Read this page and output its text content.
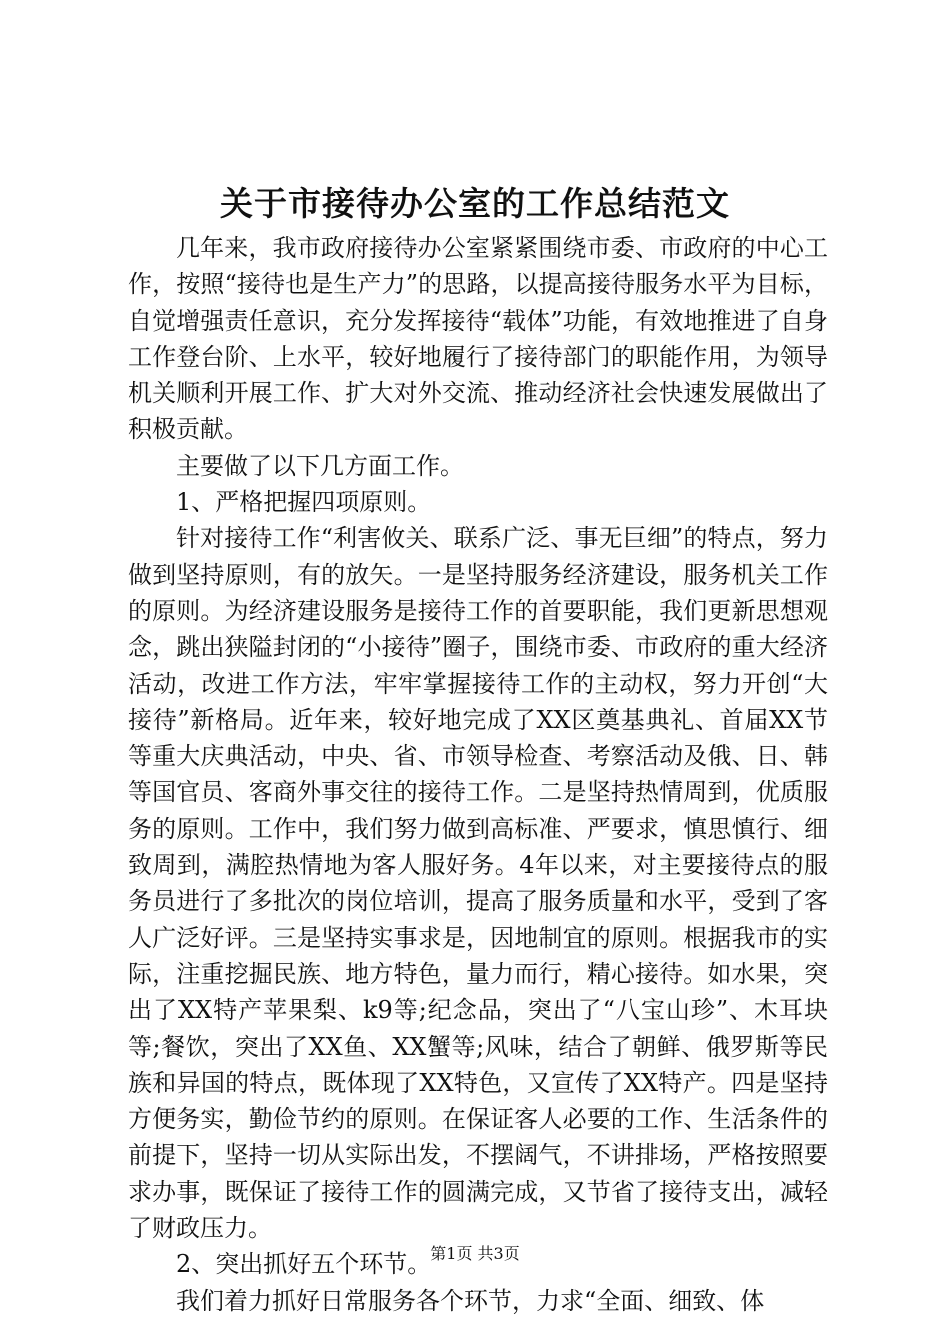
关于市接待办公室的工作总结范文

几年来，我市政府接待办公室紧紧围绕市委、市政府的中心工作，按照“接待也是生产力”的思路，以提高接待服务水平为目标，自觉增强责任意识，充分发挥接待“载体”功能，有效地推进了自身工作登台阶、上水平，较好地履行了接待部门的职能作用，为领导机关顺利开展工作、扩大对外交流、推动经济社会快速发展做出了积极贡献。

主要做了以下几方面工作。

1、严格把握四项原则。

针对接待工作“利害攸关、联系广泛、事无巨细”的特点，努力做到坚持原则，有的放矢。一是坚持服务经济建设，服务机关工作的原则。为经济建设服务是接待工作的首要职能，我们更新思想观念，跳出狭隘封闭的“小接待”圈子，围绕市委、市政府的重大经济活动，改进工作方法，牢牢掌握接待工作的主动权，努力开创“大接待”新格局。近年来，较好地完成了XX区奠基典礼、首届XX节等重大庆典活动，中央、省、市领导检查、考察活动及俄、日、韩等国官员、客商外事交往的接待工作。二是坚持热情周到，优质服务的原则。工作中，我们努力做到高标准、严要求，慎思慎行、细致周到，满腔热情地为客人服好务。4年以来，对主要接待点的服务员进行了多批次的岗位培训，提高了服务质量和水平，受到了客人广泛好评。三是坚持实事求是，因地制宜的原则。根据我市的实际，注重挖掘民族、地方特色，量力而行，精心接待。如水果，突出了XX特产苹果梨、k9等;纪念品，突出了“八宝山珍”、木耳块等;餐饮，突出了XX鱼、XX蟹等;风味，结合了朝鲜、俄罗斯等民族和异国的特点，既体现了XX特色，又宣传了XX特产。四是坚持方便务实，勤俭节约的原则。在保证客人必要的工作、生活条件的前提下，坚持一切从实际出发，不摆阔气，不讲排场，严格按照要求办事，既保证了接待工作的圆满完成，又节省了接待支出，减轻了财政压力。

2、突出抓好五个环节。

我们着力抓好日常服务各个环节，力求“全面、细致、体

第1页 共3页
